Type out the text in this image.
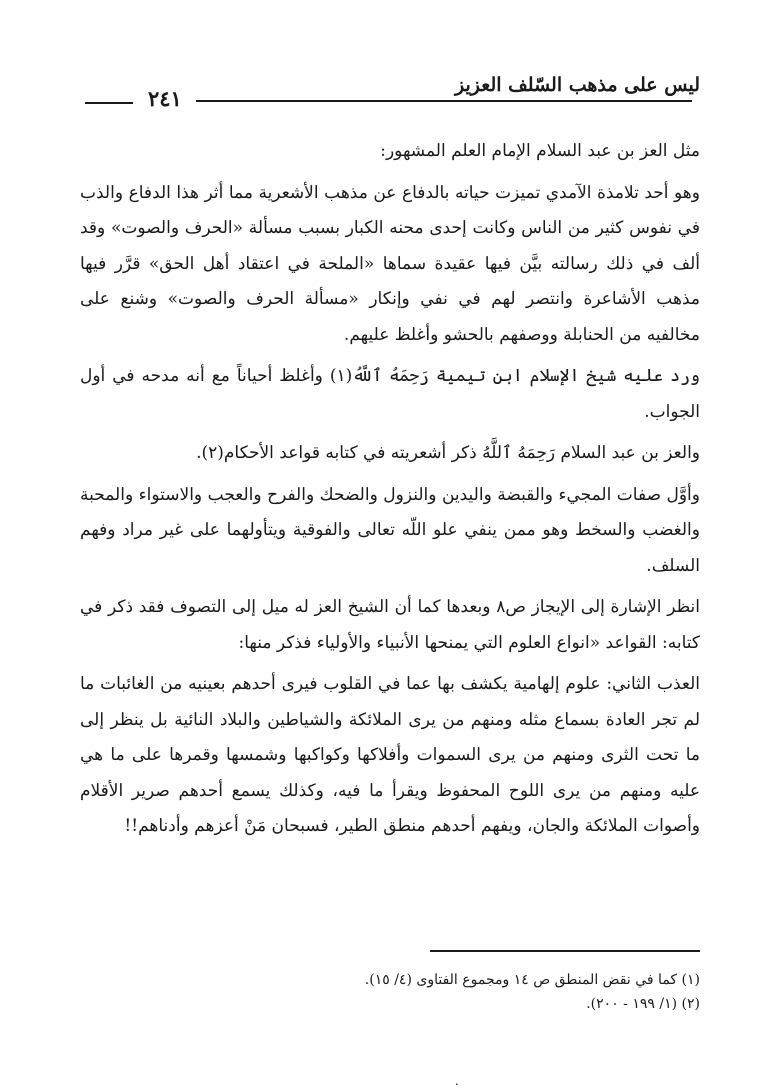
ليس على مذهب السّلف العزيز
٢٤١

مثل العز بن عبد السلام الإمام العلم المشهور:

وهو أحد تلامذة الآمدي تميزت حياته بالدفاع عن مذهب الأشعرية مما أثر هذا الدفاع والذب في نفوس كثير من الناس وكانت إحدى محنه الكبار بسبب مسألة «الحرف والصوت» وقد ألف في ذلك رسالته بيَّن فيها عقيدة سماها «الملحة في اعتقاد أهل الحق» قرَّر فيها مذهب الأشاعرة وانتصر لهم في نفي وإنكار «مسألة الحرف والصوت» وشنع على مخالفيه من الحنابلة ووصفهم بالحشو وأغلظ عليهم.

ورد عليه شيخ الإسلام ابن تيمية رَحِمَهُ ٱللَّهُ(١) وأغلظ أحياناً مع أنه مدحه في أول الجواب.

والعز بن عبد السلام رَحِمَهُ ٱللَّهُ ذكر أشعريته في كتابه قواعد الأحكام(٢).

وأوَّل صفات المجيء والقبضة واليدين والنزول والضحك والفرح والعجب والاستواء والمحبة والغضب والسخط وهو ممن ينفي علو اللّه تعالى والفوقية ويتأولهما على غير مراد وفهم السلف.

انظر الإشارة إلى الإيجاز ص٨ وبعدها كما أن الشيخ العز له ميل إلى التصوف فقد ذكر في كتابه: القواعد «انواع العلوم التي يمنحها الأنبياء والأولياء فذكر منها:

العذب الثاني: علوم إلهامية يكشف بها عما في القلوب فيرى أحدهم بعينيه من الغائبات ما لم تجر العادة بسماع مثله ومنهم من يرى الملائكة والشياطين والبلاد النائية بل ينظر إلى ما تحت الثرى ومنهم من يرى السموات وأفلاكها وكواكبها وشمسها وقمرها على ما هي عليه ومنهم من يرى اللوح المحفوظ ويقرأ ما فيه، وكذلك يسمع أحدهم صرير الأقلام وأصوات الملائكة والجان، ويفهم أحدهم منطق الطير، فسبحان مَنْ أعزهم وأدناهم!!

(١) كما في نقض المنطق ص ١٤ ومجموع الفتاوى (٤/ ١٥).
(٢) (١/ ١٩٩ - ٢٠٠).
.
